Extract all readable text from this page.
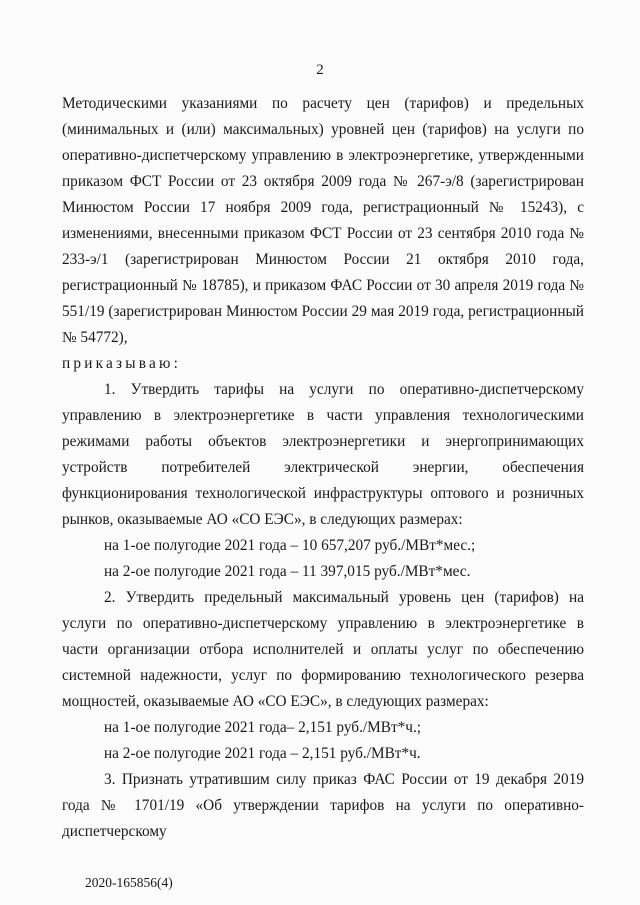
2

Методическими указаниями по расчету цен (тарифов) и предельных (минимальных и (или) максимальных) уровней цен (тарифов) на услуги по оперативно-диспетчерскому управлению в электроэнергетике, утвержденными приказом ФСТ России от 23 октября 2009 года № 267-э/8 (зарегистрирован Минюстом России 17 ноября 2009 года, регистрационный № 15243), с изменениями, внесенными приказом ФСТ России от 23 сентября 2010 года № 233-э/1 (зарегистрирован Минюстом России 21 октября 2010 года, регистрационный № 18785), и приказом ФАС России от 30 апреля 2019 года № 551/19 (зарегистрирован Минюстом России 29 мая 2019 года, регистрационный № 54772),

приказываю:

1. Утвердить тарифы на услуги по оперативно-диспетчерскому управлению в электроэнергетике в части управления технологическими режимами работы объектов электроэнергетики и энергопринимающих устройств потребителей электрической энергии, обеспечения функционирования технологической инфраструктуры оптового и розничных рынков, оказываемые АО «СО ЕЭС», в следующих размерах:

на 1-ое полугодие 2021 года – 10 657,207 руб./МВт*мес.;

на 2-ое полугодие 2021 года – 11 397,015 руб./МВт*мес.

2. Утвердить предельный максимальный уровень цен (тарифов) на услуги по оперативно-диспетчерскому управлению в электроэнергетике в части организации отбора исполнителей и оплаты услуг по обеспечению системной надежности, услуг по формированию технологического резерва мощностей, оказываемые АО «СО ЕЭС», в следующих размерах:

на 1-ое полугодие 2021 года– 2,151 руб./МВт*ч.;

на 2-ое полугодие 2021 года – 2,151 руб./МВт*ч.

3. Признать утратившим силу приказ ФАС России от 19 декабря 2019 года № 1701/19 «Об утверждении тарифов на услуги по оперативно-диспетчерскому

2020-165856(4)
